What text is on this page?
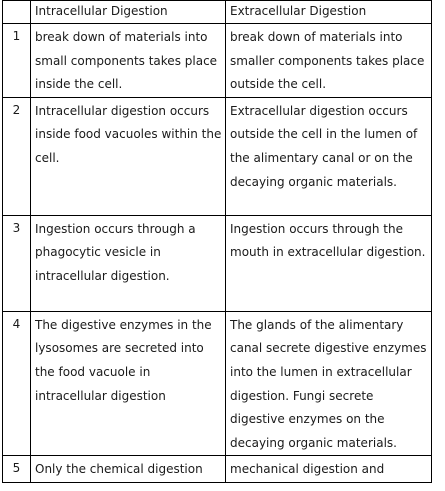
	Intracellular Digestion	Extracellular Digestion

1	break down of materials into small components takes place inside the cell.	break down of materials into smaller components takes place outside the cell.

2	Intracellular digestion occurs inside food vacuoles within the cell.	Extracellular digestion occurs outside the cell in the lumen of the alimentary canal or on the decaying organic materials.

3	Ingestion occurs through a phagocytic vesicle in intracellular digestion.	Ingestion occurs through the mouth in extracellular digestion.

4	The digestive enzymes in the lysosomes are secreted into the food vacuole in intracellular digestion	The glands of the alimentary canal secrete digestive enzymes into the lumen in extracellular digestion. Fungi secrete digestive enzymes on the decaying organic materials.

5	Only the chemical digestion	mechanical digestion and
